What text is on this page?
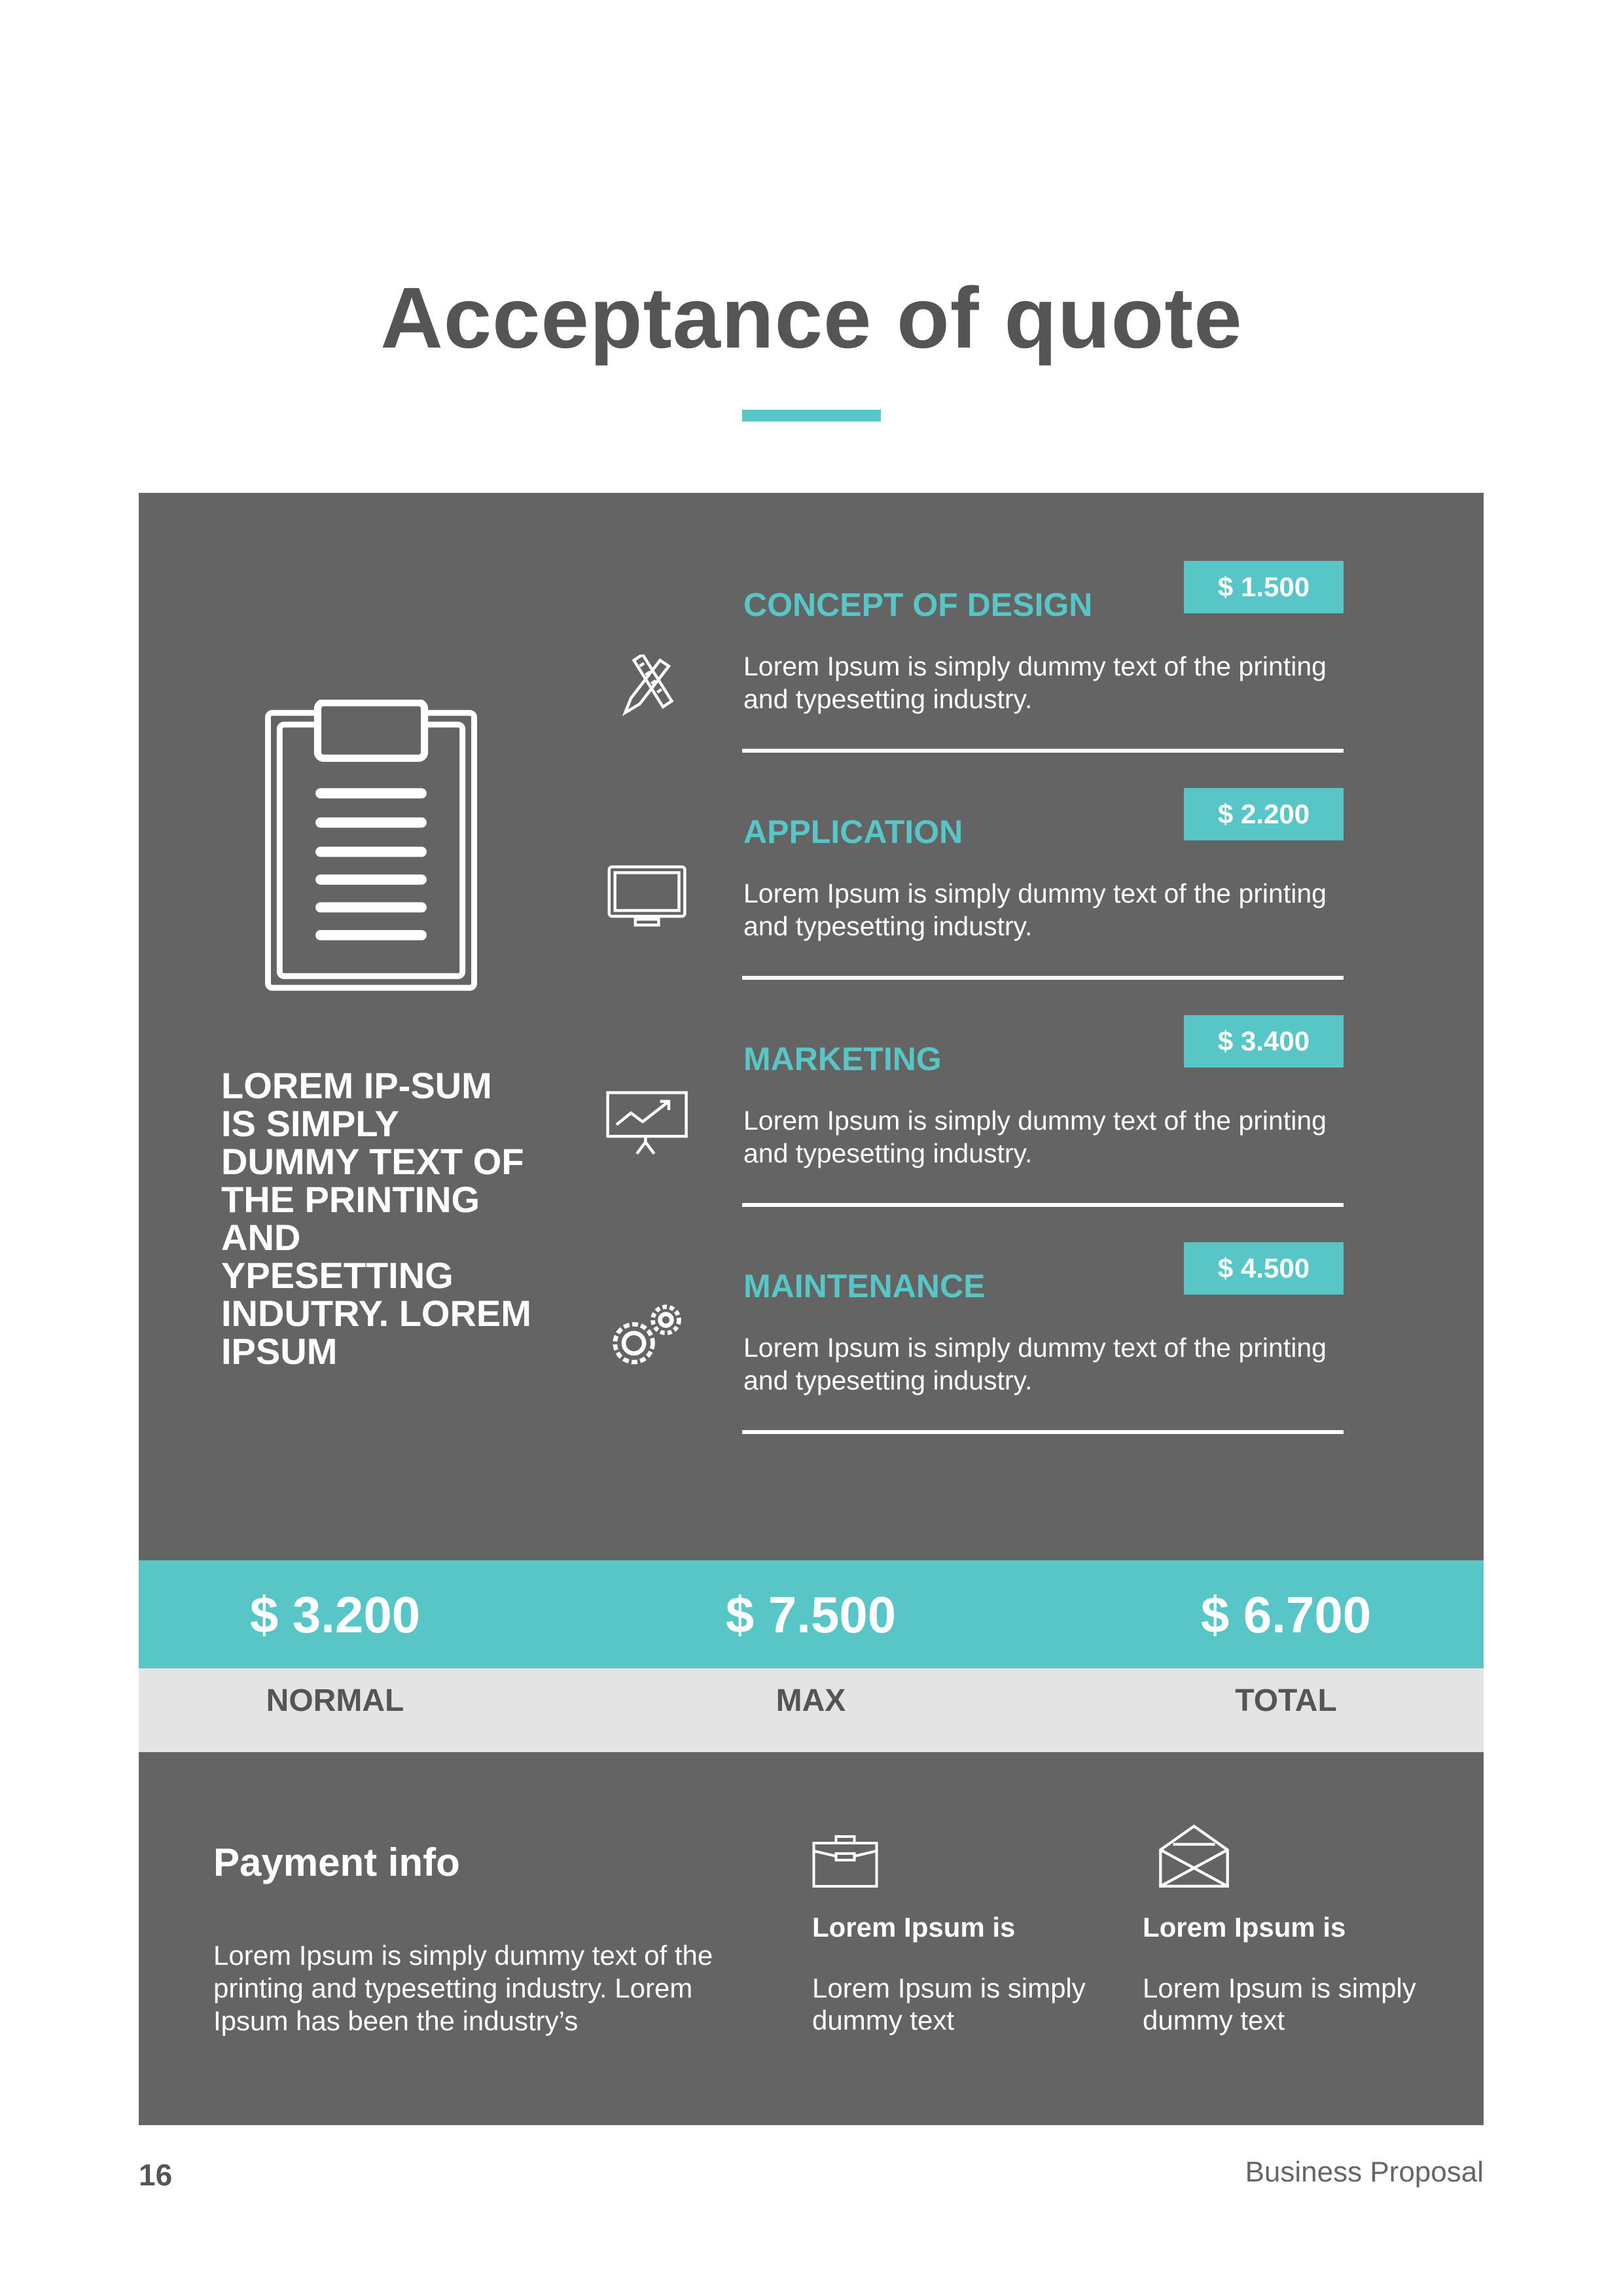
Acceptance of quote
LOREM IP-SUM IS SIMPLY DUMMY TEXT OF THE PRINTING AND YPESETTING INDUTRY. LOREM IPSUM
CONCEPT OF DESIGN	$ 1.500

Lorem Ipsum is simply dummy text of the printing and typesetting industry.

APPLICATION	$ 2.200

Lorem Ipsum is simply dummy text of the printing and typesetting industry.

MARKETING	$ 3.400

Lorem Ipsum is simply dummy text of the printing and typesetting industry.

MAINTENANCE	$ 4.500

Lorem Ipsum is simply dummy text of the printing and typesetting industry.

$ 3.200	$ 7.500	$ 6.700
NORMAL	MAX	TOTAL
Payment info
Lorem Ipsum is simply dummy text of the printing and typesetting industry. Lorem Ipsum has been the industry’s
Lorem Ipsum is

Lorem Ipsum is simply dummy text

Lorem Ipsum is

Lorem Ipsum is simply dummy text

16	Business Proposal
